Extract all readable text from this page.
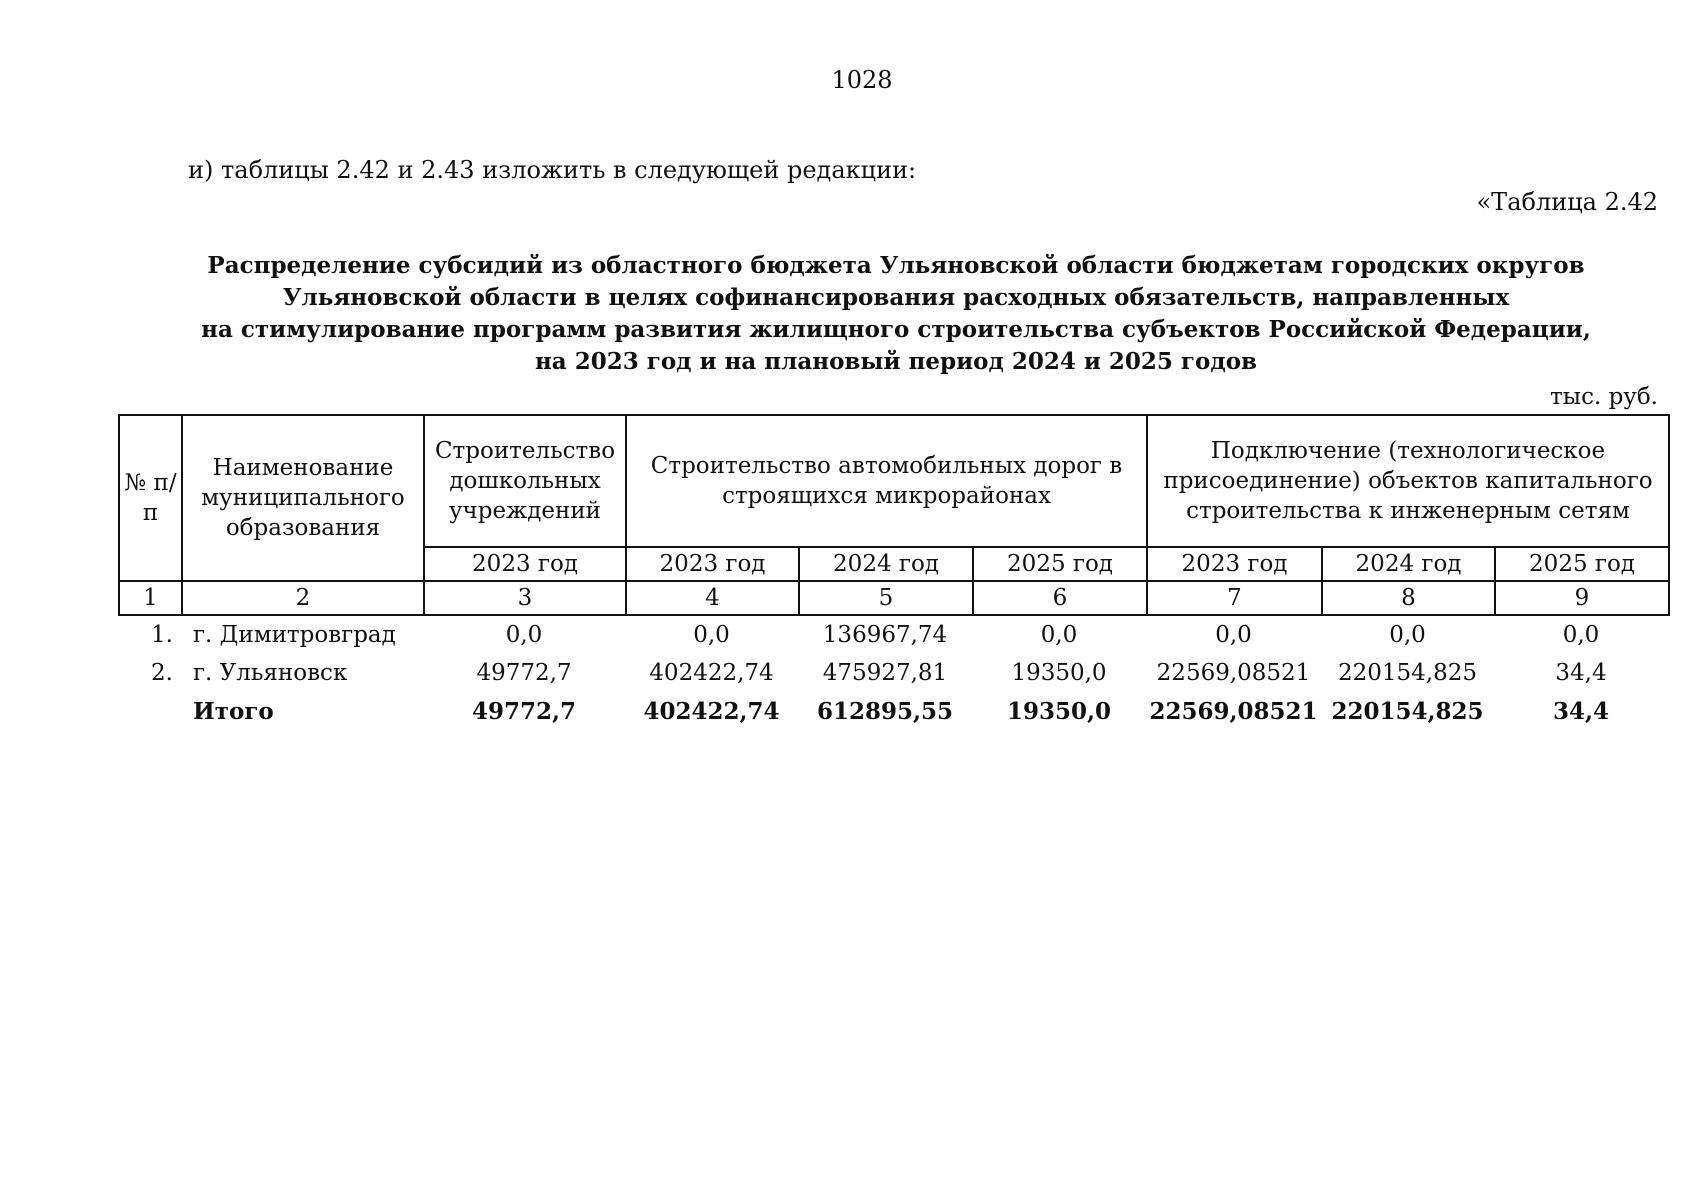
1028
и) таблицы 2.42 и 2.43 изложить в следующей редакции:
«Таблица 2.42
Распределение субсидий из областного бюджета Ульяновской области бюджетам городских округов
Ульяновской области в целях софинансирования расходных обязательств, направленных
на стимулирование программ развития жилищного строительства субъектов Российской Федерации,
на 2023 год и на плановый период 2024 и 2025 годов
тыс. руб.
№ п/п	Наименование муниципального образования	Строительство дошкольных учреждений	Строительство автомобильных дорог в строящихся микрорайонах			Подключение (технологическое присоединение) объектов капитального строительства к инженерным сетям		
		2023 год	2023 год	2024 год	2025 год	2023 год	2024 год	2025 год
1	2	3	4	5	6	7	8	9
1.	г. Димитровград	0,0	0,0	136967,74	0,0	0,0	0,0	0,0
2.	г. Ульяновск	49772,7	402422,74	475927,81	19350,0	22569,08521	220154,825	34,4
	Итого	49772,7	402422,74	612895,55	19350,0	22569,08521	220154,825	34,4
